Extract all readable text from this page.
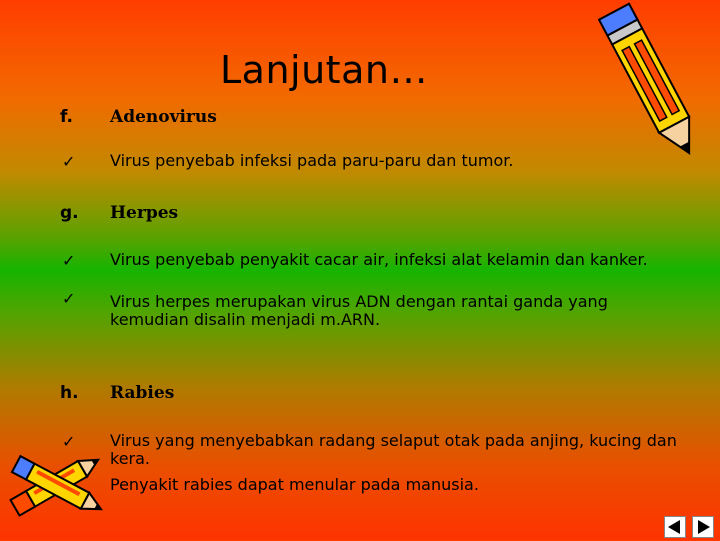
Lanjutan…
f. Adenovirus
✓ Virus penyebab infeksi pada paru-paru dan tumor.
g. Herpes
✓ Virus penyebab penyakit cacar air, infeksi alat kelamin dan kanker.
✓ Virus herpes merupakan virus ADN dengan rantai ganda yang kemudian disalin menjadi m.ARN.
h. Rabies
✓ Virus yang menyebabkan radang selaput otak pada anjing, kucing dan kera.
Penyakit rabies dapat menular pada manusia.
